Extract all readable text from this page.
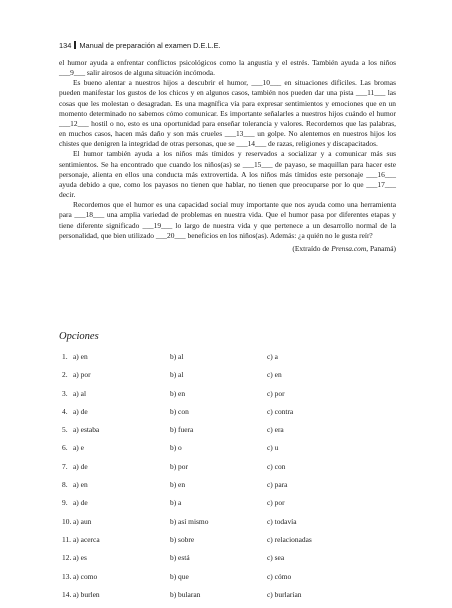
134 Manual de preparación al examen D.E.L.E.

el humor ayuda a enfrentar conflictos psicológicos como la angustia y el estrés. También ayuda a los niños ___9___ salir airosos de alguna situación incómoda.

Es bueno alentar a nuestros hijos a descubrir el humor, ___10___ en situaciones difíciles. Las bromas pueden manifestar los gustos de los chicos y en algunos casos, también nos pueden dar una pista ___11___ las cosas que les molestan o desagradan. Es una magnífica vía para expresar sentimientos y emociones que en un momento determinado no sabemos cómo comunicar. Es importante señalarles a nuestros hijos cuándo el humor ___12___ hostil o no, esto es una oportunidad para enseñar tolerancia y valores. Recordemos que las palabras, en muchos casos, hacen más daño y son más crueles ___13___ un golpe. No alentemos en nuestros hijos los chistes que denigren la integridad de otras personas, que se ___14___ de razas, religiones y discapacitados.

El humor también ayuda a los niños más tímidos y reservados a socializar y a comunicar más sus sentimientos. Se ha encontrado que cuando los niños(as) se ___15___ de payaso, se maquillan para hacer este personaje, alienta en ellos una conducta más extrovertida. A los niños más tímidos este personaje ___16___ ayuda debido a que, como los payasos no tienen que hablar, no tienen que preocuparse por lo que ___17___ decir.

Recordemos que el humor es una capacidad social muy importante que nos ayuda como una herramienta para ___18___ una amplia variedad de problemas en nuestra vida. Que el humor pasa por diferentes etapas y tiene diferente significado ___19___ lo largo de nuestra vida y que pertenece a un desarrollo normal de la personalidad, que bien utilizado ___20___ beneficios en los niños(as). Además: ¿a quién no le gusta reír?

(Extraído de Prensa.com, Panamá)
Opciones
1. a) en	b) al	c) a
2. a) por	b) al	c) en
3. a) al	b) en	c) por
4. a) de	b) con	c) contra
5. a) estaba	b) fuera	c) era
6. a) e	b) o	c) u
7. a) de	b) por	c) con
8. a) en	b) en	c) para
9. a) de	b) a	c) por
10. a) aun	b) así mismo	c) todavía
11. a) acerca	b) sobre	c) relacionadas
12. a) es	b) está	c) sea
13. a) como	b) que	c) cómo
14. a) burlen	b) bularan	c) burlarían
